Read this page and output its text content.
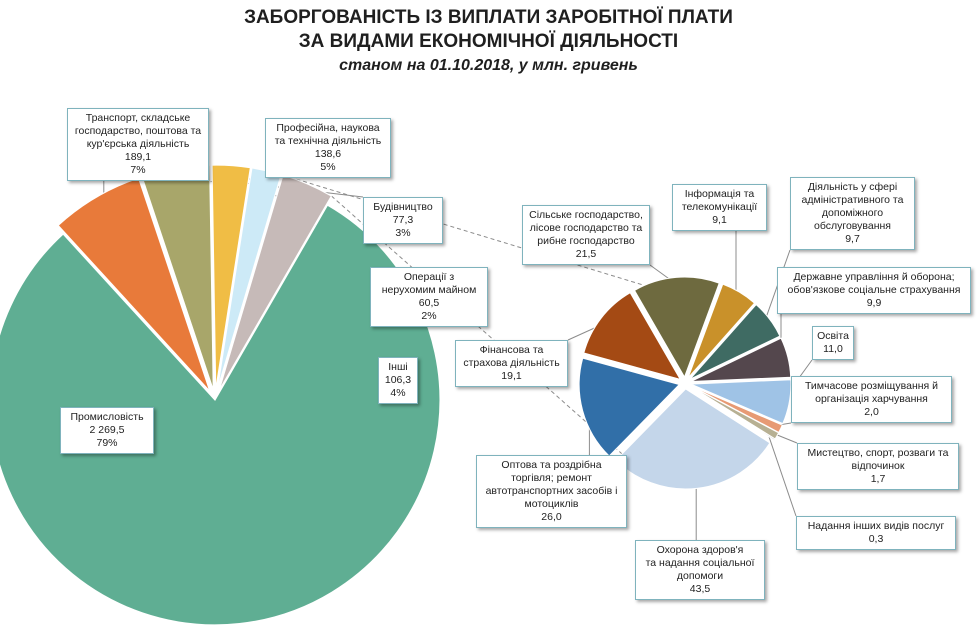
ЗАБОРГОВАНІСТЬ ІЗ ВИПЛАТИ ЗАРОБІТНОЇ ПЛАТИ
ЗА ВИДАМИ ЕКОНОМІЧНОЇ ДІЯЛЬНОСТІ
станом на 01.10.2018, у млн. гривень
Промисловість
2 269,5
79%
Транспорт, складське
господарство, поштова та
кур'єрська діяльність
189,1
7%
Професійна, наукова
та технічна діяльність
138,6
5%
Будівництво
77,3
3%
Операції з
нерухомим майном
60,5
2%
Інші
106,3
4%
Сільське господарство,
лісове господарство та
рибне господарство
21,5
Інформація та
телекомунікації
9,1
Діяльність у сфері
адміністративного та
допоміжного
обслуговування
9,7
Державне управління й оборона;
обов'язкове соціальне страхування
9,9
Освіта
11,0
Тимчасове розміщування й
організація харчування
2,0
Мистецтво, спорт, розваги та
відпочинок
1,7
Надання інших видів послуг
0,3
Охорона здоров'я
та надання соціальної
допомоги
43,5
Оптова та роздрібна
торгівля; ремонт
автотранспортних засобів і
мотоциклів
26,0
Фінансова та
страхова діяльність
19,1
